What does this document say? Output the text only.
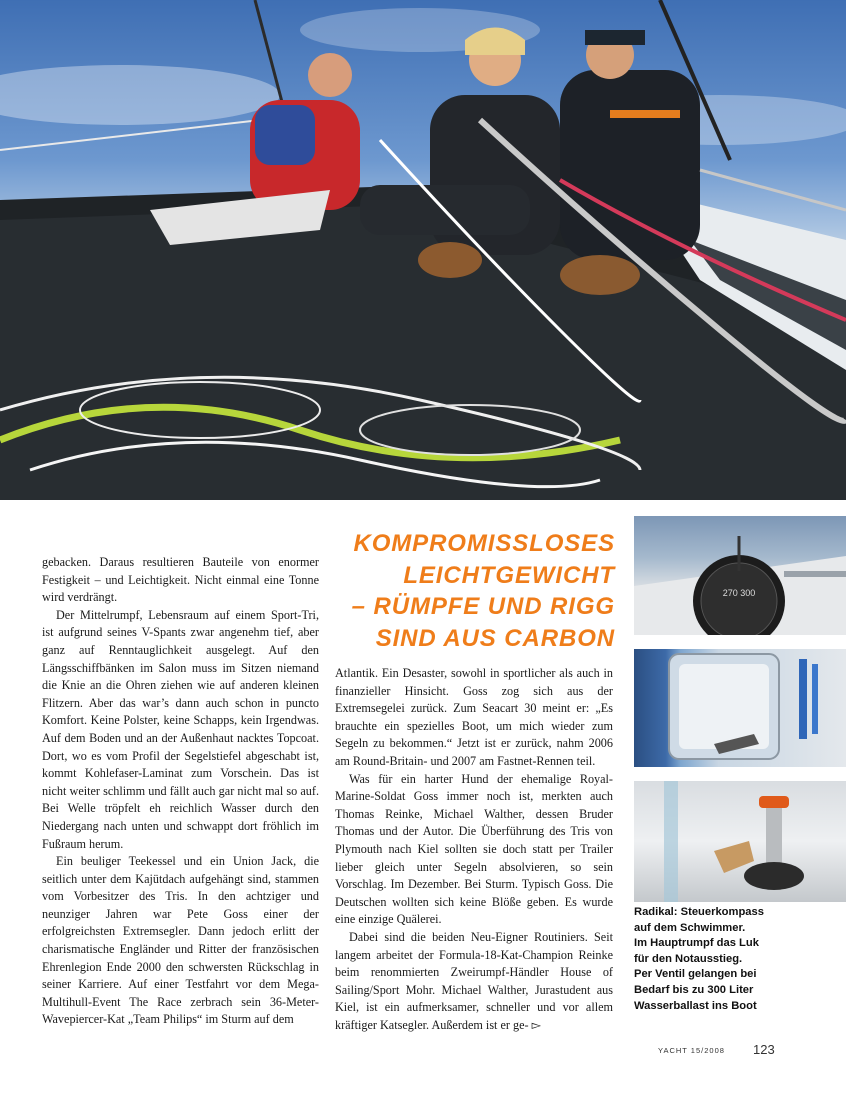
KOMPROMISSLOSES
LEICHTGEWICHT
– RÜMPFE UND RIGG
SIND AUS CARBON

gebacken. Daraus resultieren Bauteile von enormer Festigkeit – und Leichtigkeit. Nicht einmal eine Tonne wird verdrängt.

Der Mittelrumpf, Lebensraum auf einem Sport-Tri, ist aufgrund seines V-Spants zwar angenehm tief, aber ganz auf Renntauglichkeit ausgelegt. Auf den Längsschiffbänken im Salon muss im Sitzen niemand die Knie an die Ohren ziehen wie auf anderen kleinen Flitzern. Aber das war’s dann auch schon in puncto Komfort. Keine Polster, keine Schapps, kein Irgendwas. Auf dem Boden und an der Außenhaut nacktes Topcoat. Dort, wo es vom Profil der Segelstiefel abgeschabt ist, kommt Kohlefaser-Laminat zum Vorschein. Das ist nicht weiter schlimm und fällt auch gar nicht mal so auf. Bei Welle tröpfelt eh reichlich Wasser durch den Niedergang nach unten und schwappt dort fröhlich im Fußraum herum.

Ein beuliger Teekessel und ein Union Jack, die seitlich unter dem Kajütdach aufgehängt sind, stammen vom Vorbesitzer des Tris. In den achtziger und neunziger Jahren war Pete Goss einer der erfolgreichsten Extremsegler. Dann jedoch erlitt der charismatische Engländer und Ritter der französischen Ehrenlegion Ende 2000 den schwersten Rückschlag in seiner Karriere. Auf einer Testfahrt vor dem Mega-Multihull-Event The Race zerbrach sein 36-Meter-Wavepiercer-Kat „Team Philips“ im Sturm auf dem

Atlantik. Ein Desaster, sowohl in sportlicher als auch in finanzieller Hinsicht. Goss zog sich aus der Extremsegelei zurück. Zum Seacart 30 meint er: „Es brauchte ein spezielles Boot, um mich wieder zum Segeln zu bekommen.“ Jetzt ist er zurück, nahm 2006 am Round-Britain- und 2007 am Fastnet-Rennen teil.

Was für ein harter Hund der ehemalige Royal-Marine-Soldat Goss immer noch ist, merkten auch Thomas Reinke, Michael Walther, dessen Bruder Thomas und der Autor. Die Überführung des Tris von Plymouth nach Kiel sollten sie doch statt per Trailer lieber gleich unter Segeln absolvieren, so sein Vorschlag. Im Dezember. Bei Sturm. Typisch Goss. Die Deutschen wollten sich keine Blöße geben. Es wurde eine einzige Quälerei.

Dabei sind die beiden Neu-Eigner Routiniers. Seit langem arbeitet der Formula-18-Kat-Champion Reinke beim renommierten Zweirumpf-Händler House of Sailing/Sport Mohr. Michael Walther, Jurastudent aus Kiel, ist ein aufmerksamer, schneller und vor allem kräftiger Katsegler. Außerdem ist er ge- ▻

270 300
Radikal: Steuerkompass
auf dem Schwimmer.
Im Hauptrumpf das Luk
für den Notausstieg.
Per Ventil gelangen bei
Bedarf bis zu 300 Liter
Wasserballast ins Boot
YACHT 15/2008 123
